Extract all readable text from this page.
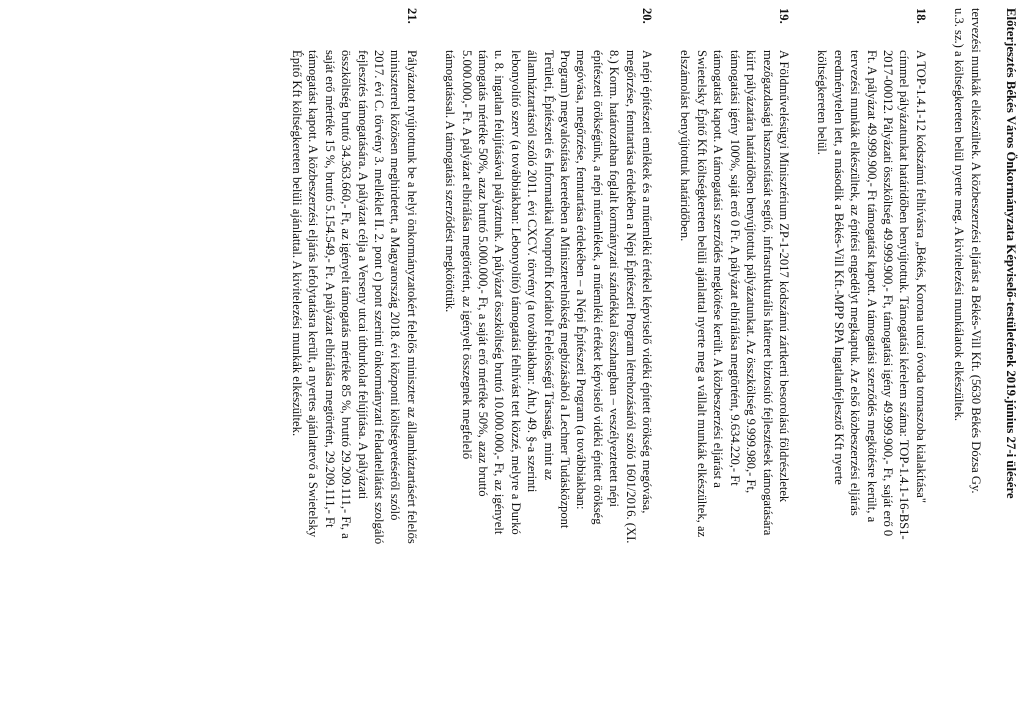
Előterjesztés Békés Város Önkormányzata Képviselő-testületének 2019.június 27-i ülésére
tervezési munkák elkészültek. A közbeszerzési eljárást a Békés-Vill Kft. (5630 Békés Dózsa Gy.
u.3. sz.) a költségkereten belül nyerte meg. A kivitelezési munkálatok elkészültek.
18.
A TOP-1.4.1-12 kódszámú felhívásra „Békés, Korona utcai óvoda tornaszoba kialakítása"
címmel pályázatunkat határidőben benyújtottuk. Támogatási kérelem száma: TOP-1.4.1-16-BS1-
2017-00012. Pályázati összköltség 49.999.900,- Ft, támogatási igény 49.999.900,- Ft, saját erő 0
Ft. A pályázat 49.999.900,- Ft támogatást kapott. A támogatási szerződés megkötésre került, a
tervezési munkák elkészültek, az építési engedélyt megkaptuk. Az első közbeszerzési eljárás
eredménytelen lett, a második a Békés-Vill Kft.-MPP SPA Ingatlanfejlesztő Kft nyerte
költségkereten belül.
19.
A Földművelésügyi Minisztérium ZP-1-2017 kódszámú zártkerti besorolású földrészletek
mezőgazdasági hasznosítását segítő, infrastrukturális hátteret biztosító fejlesztések támogatására
kiírt pályázatára határidőben benyújtottuk pályázatunkat. Az összköltség 9.999.980,- Ft,
támogatási igény 100%, saját erő 0 Ft. A pályázat elbírálása megtörtént, 9.634.220,- Ft
támogatást kapott. A támogatási szerződés megkötése került. A közbeszerzési eljárást a
Swietelsky Építő Kft költségkereten belüli ajánlattal nyerte meg a vállalt munkák elkészültek, az
elszámolást benyújtottuk határidőben.
20.
A népi építészeti emlékek és a műemléki értékel képviselő vidéki épített örökség megóvása,
megőrzése, fenntartása érdekében a Népi Építészeti Program létrehozásáról szóló 1601/2016. (XI.
8.) Korm. határozatban foglalt kormányzati szándékkal összhangban – veszélyeztetett népi
építészeti örökségünk, a népi műemlékek, a műemléki értéket képviselő vidéki épített örökség
megóvása, megőrzése, fenntartása érdekében – a Népi Építészeti Program (a továbbiakban:
Program) megvalósítása keretében a Miniszterelnökség megbízásából a Lechner Tudásközpont
Területi, Építészeti és Informatikai Nonprofit Korlátolt Felelősségű Társaság, mint az
államháztartásról szóló 2011. évi CXCV. törvény (a továbbiakban: Áht.) 49. §-a szerinti
lebonyolító szerv (a továbbiakban: Lebonyolító) támogatási felhívást tett közzé, melyre a Durkó
u. 8. ingatlan felújításával pályáztunk. A pályázat összköltség bruttó 10.000.000,- Ft, az igényelt
támogatás mértéke 50%, azaz bruttó 5.000.000,- Ft, a saját erő mértéke 50%, azaz bruttó
5.000.000,- Ft. A pályázat elbírálása megtörtént, az igényelt összegnek megfelelő
támogatással. A támogatási szerződést megkötöttük.
21.
Pályázatot nyújtottunk be a helyi önkormányzatokért felelős miniszter az államháztartásért felelős
miniszterrel közösen meghirdetett, a Magyarország 2018. évi központi költségvetéséről szóló
2017. évi C. törvény 3. melléklet II. 2. pont c) pont szerinti önkormányzati feladatellátást szolgáló
fejlesztés támogatására. A pályázat célja a Verseny utcai útburkolat felújítása. A pályázati
összköltség bruttó 34.363.660,- Ft, az igényelt támogatás mértéke 85 %, bruttó 29.209.111,- Ft, a
saját erő mértéke 15 %, bruttó 5.154.549,- Ft. A pályázat elbírálása megtörtént, 29.209.111,- Ft
támogatást kapott. A közbeszerzési eljárás lefolytatásra került, a nyertes ajánlattevő a Swietelsky
Építő Kft költségkereten belüli ajánlattal. A kivitelezési munkák elkészültek.
